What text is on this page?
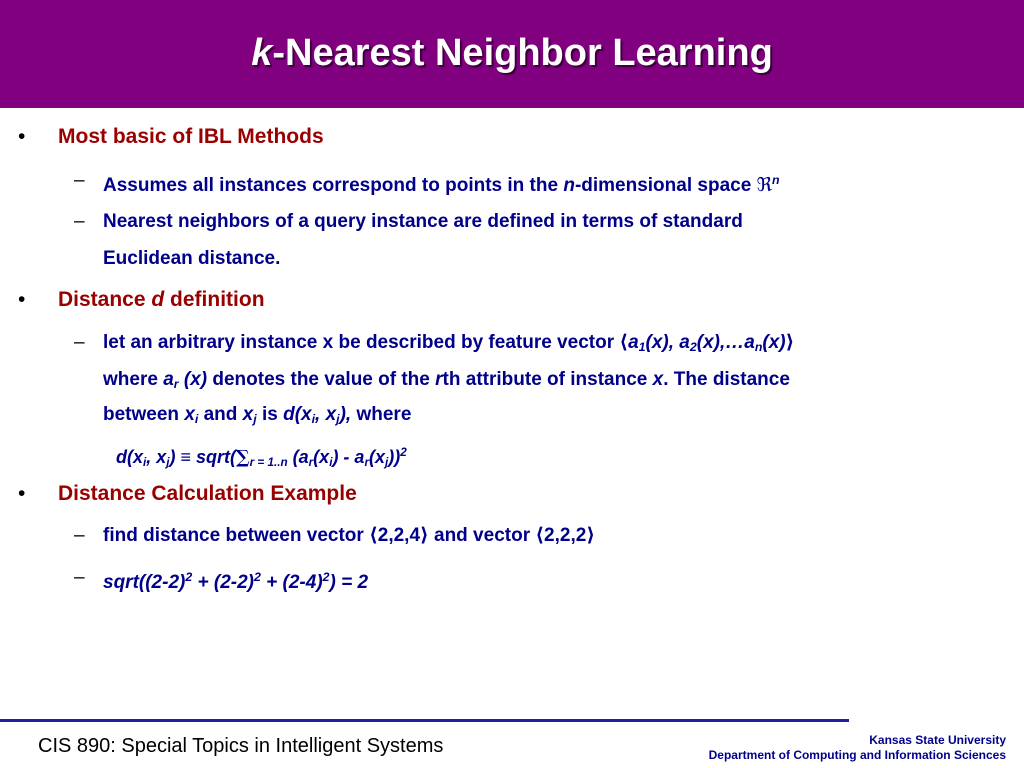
k-Nearest Neighbor Learning
• Most basic of IBL Methods

– Assumes all instances correspond to points in the n-dimensional space ℜ$^n$

– Nearest neighbors of a query instance are defined in terms of standard

Euclidean distance.

• Distance d definition

– let an arbitrary instance x be described by feature vector $⟨a_1(x)$, $a_2(x),\dots a_n(x)⟩$

where $a_r$ (x) denotes the value of the rth attribute of instance x. The distance

between $x_i$ and $x_j$ is $d(x_i$, $x_j$), where

$d(x_i$, $x_j$) ≡ $sqrt(\sum_{r = 1..n}$ $(a_r(x_i) - a_r(x_j))^2$

• Distance Calculation Example

– find distance between vector ⟨2,2,4⟩ and vector ⟨2,2,2⟩

– $sqrt((2-2)^2 + (2-2)^2 + (2-4)^2) = 2$

CIS 890: Special Topics in Intelligent Systems	Kansas State University
Department of Computing and Information Sciences
